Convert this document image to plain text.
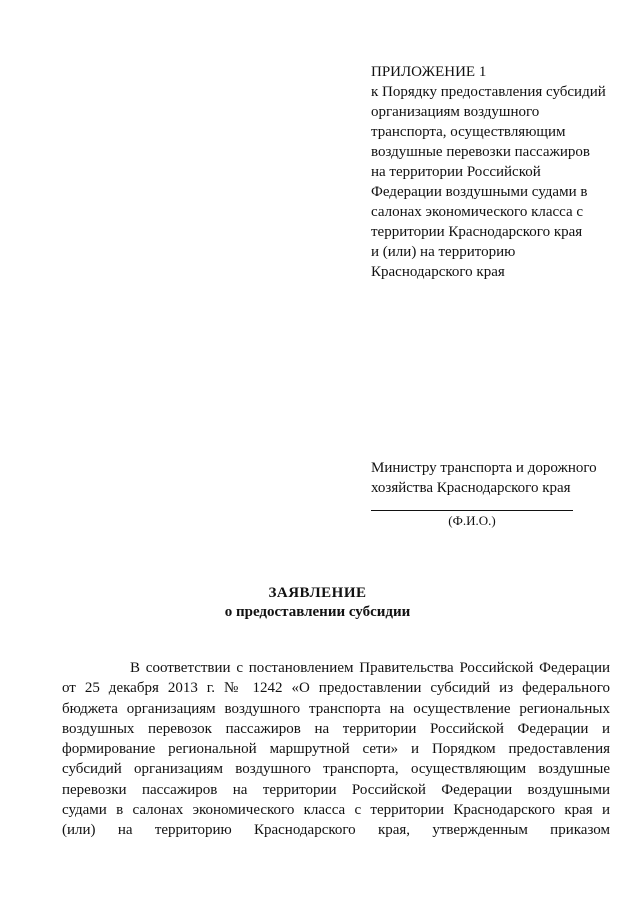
ПРИЛОЖЕНИЕ 1
к Порядку предоставления субсидий
организациям воздушного
транспорта, осуществляющим
воздушные перевозки пассажиров
на территории Российской
Федерации воздушными судами в
салонах экономического класса с
территории Краснодарского края
и (или) на территорию
Краснодарского края
Министру транспорта и дорожного
хозяйства Краснодарского края
(Ф.И.О.)
ЗАЯВЛЕНИЕ
о предоставлении субсидии
В соответствии с постановлением Правительства Российской Федерации
от 25 декабря 2013 г. № 1242 «О предоставлении субсидий из федерального
бюджета организациям воздушного транспорта на осуществление региональных
воздушных перевозок пассажиров на территории Российской Федерации и
формирование региональной маршрутной сети» и Порядком предоставления
субсидий организациям воздушного транспорта, осуществляющим воздушные
перевозки пассажиров на территории Российской Федерации воздушными
судами в салонах экономического класса с территории Краснодарского края и
(или) на территорию Краснодарского края, утвержденным приказом
